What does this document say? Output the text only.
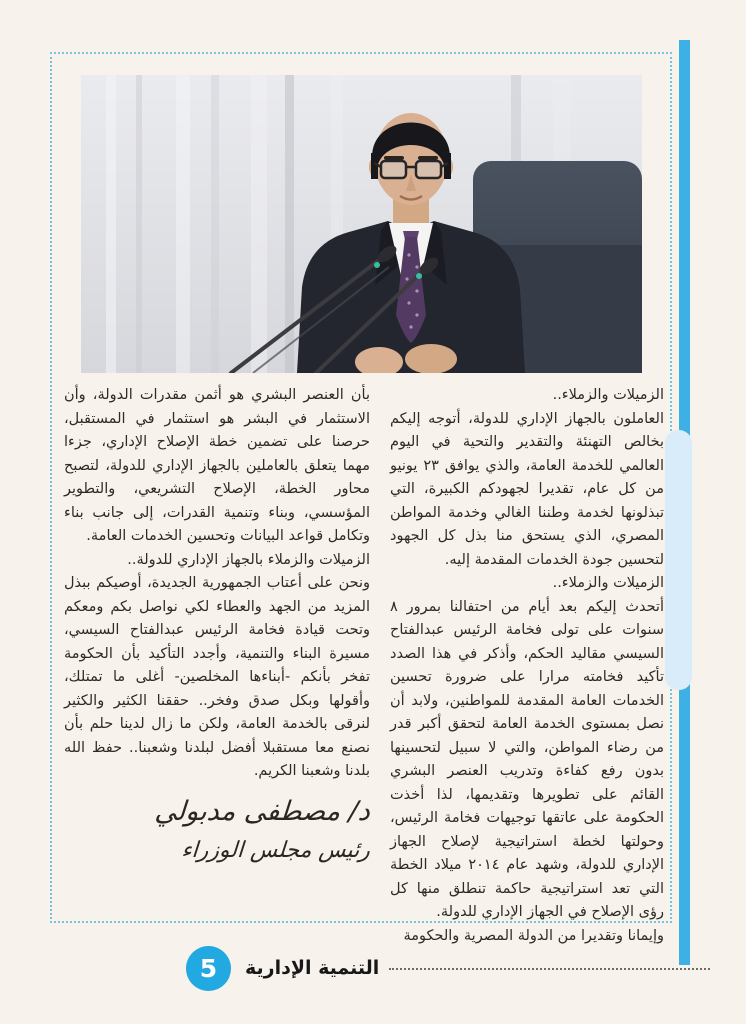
الزميلات والزملاء..

العاملون بالجهاز الإداري للدولة، أتوجه إليكم بخالص التهنئة والتقدير والتحية في اليوم العالمي للخدمة العامة، والذي يوافق ٢٣ يونيو من كل عام، تقديرا لجهودكم الكبيرة، التي تبذلونها لخدمة وطننا الغالي وخدمة المواطن المصري، الذي يستحق منا بذل كل الجهود لتحسين جودة الخدمات المقدمة إليه.

الزميلات والزملاء..

أتحدث إليكم بعد أيام من احتفالنا بمرور ٨ سنوات على تولى فخامة الرئيس عبدالفتاح السيسي مقاليد الحكم، وأذكر في هذا الصدد تأكيد فخامته مرارا على ضرورة تحسين الخدمات العامة المقدمة للمواطنين، ولابد أن نصل بمستوى الخدمة العامة لتحقق أكبر قدر من رضاء المواطن، والتي لا سبيل لتحسينها بدون رفع كفاءة وتدريب العنصر البشري القائم على تطويرها وتقديمها، لذا أخذت الحكومة على عاتقها توجيهات فخامة الرئيس، وحولتها لخطة استراتيجية لإصلاح الجهاز الإداري للدولة، وشهد عام ٢٠١٤ ميلاد الخطة التي تعد استراتيجية حاكمة تنطلق منها كل رؤى الإصلاح في الجهاز الإداري للدولة.

وإيمانا وتقديرا من الدولة المصرية والحكومة

بأن العنصر البشري هو أثمن مقدرات الدولة، وأن الاستثمار في البشر هو استثمار في المستقبل، حرصنا على تضمين خطة الإصلاح الإداري، جزءا مهما يتعلق بالعاملين بالجهاز الإداري للدولة، لتصبح محاور الخطة، الإصلاح التشريعي، والتطوير المؤسسي، وبناء وتنمية القدرات، إلى جانب بناء وتكامل قواعد البيانات وتحسين الخدمات العامة.

الزميلات والزملاء بالجهاز الإداري للدولة..

ونحن على أعتاب الجمهورية الجديدة، أوصيكم ببذل المزيد من الجهد والعطاء لكي نواصل بكم ومعكم وتحت قيادة فخامة الرئيس عبدالفتاح السيسي، مسيرة البناء والتنمية، وأجدد التأكيد بأن الحكومة تفخر بأنكم -أبناءها المخلصين- أغلى ما تمتلك، وأقولها وبكل صدق وفخر.. حققنا الكثير والكثير لنرقى بالخدمة العامة، ولكن ما زال لدينا حلم بأن نصنع معا مستقبلا أفضل لبلدنا وشعبنا.. حفظ الله بلدنا وشعبنا الكريم.

د/ مصطفى مدبولي
رئيس مجلس الوزراء
5 التنمية الإدارية
